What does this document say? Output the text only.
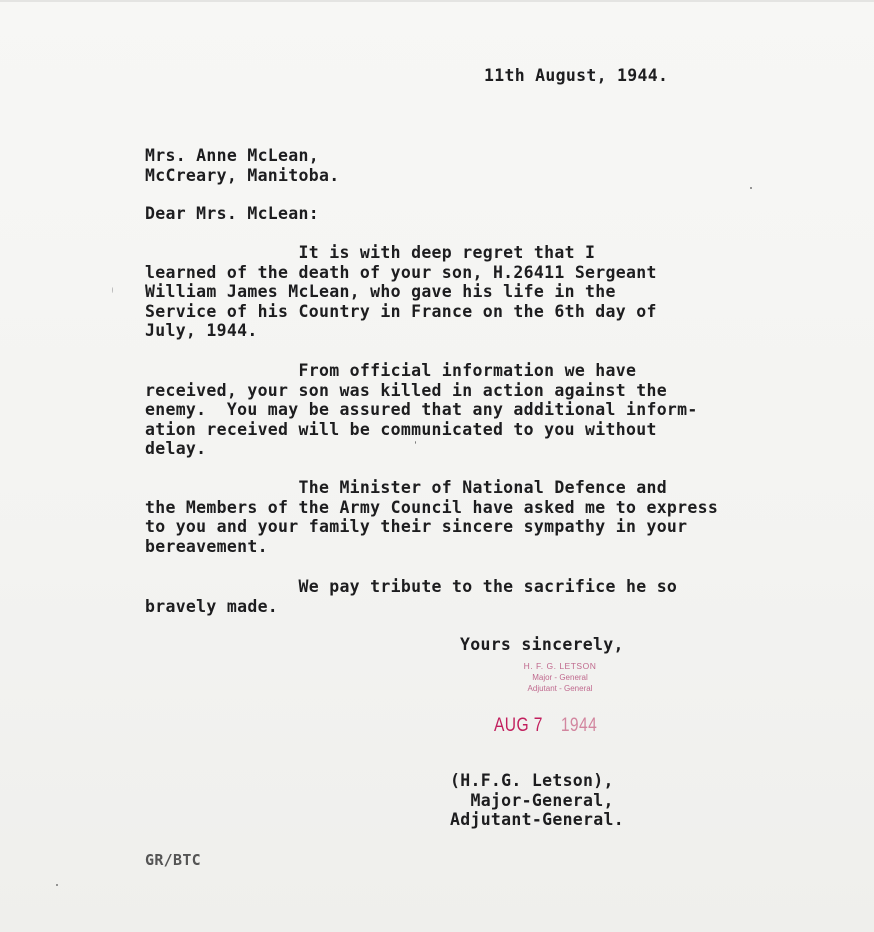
11th August, 1944.
Mrs. Anne McLean,
McCreary, Manitoba.
Dear Mrs. McLean:
It is with deep regret that I
learned of the death of your son, H.26411 Sergeant
William James McLean, who gave his life in the
Service of his Country in France on the 6th day of
July, 1944.
From official information we have
received, your son was killed in action against the
enemy.  You may be assured that any additional inform-
ation received will be communicated to you without
delay.
The Minister of National Defence and
the Members of the Army Council have asked me to express
to you and your family their sincere sympathy in your
bereavement.
We pay tribute to the sacrifice he so
bravely made.
Yours sincerely,
H. F. G. LETSON
Major - General
Adjutant - General
AUG 7 1944
(H.F.G. Letson),
Major-General,
Adjutant-General.
GR/BTC
